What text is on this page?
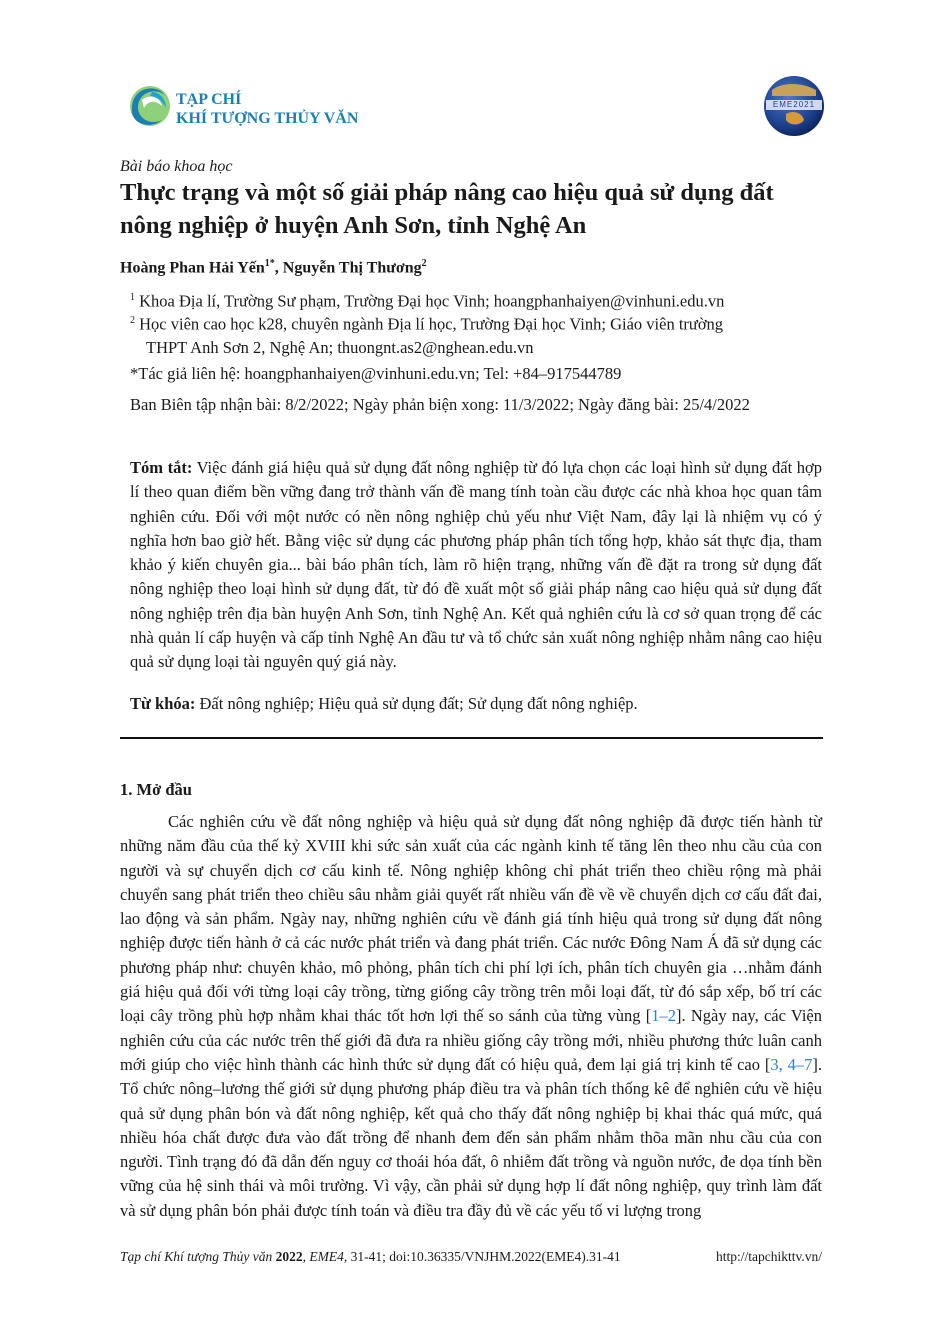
TẠP CHÍ
KHÍ TƯỢNG THỦY VĂN
EME2021
Bài báo khoa học
Thực trạng và một số giải pháp nâng cao hiệu quả sử dụng đất nông nghiệp ở huyện Anh Sơn, tỉnh Nghệ An
Hoàng Phan Hải Yến$^{1*}$, Nguyễn Thị Thương$^2$
$^1$ Khoa Địa lí, Trường Sư phạm, Trường Đại học Vinh; hoangphanhaiyen@vinhuni.edu.vn
$^2$ Học viên cao học k28, chuyên ngành Địa lí học, Trường Đại học Vinh; Giáo viên trường
THPT Anh Sơn 2, Nghệ An; thuongnt.as2@nghean.edu.vn
*Tác giả liên hệ: hoangphanhaiyen@vinhuni.edu.vn; Tel: +84–917544789
Ban Biên tập nhận bài: 8/2/2022; Ngày phản biện xong: 11/3/2022; Ngày đăng bài: 25/4/2022
Tóm tắt: Việc đánh giá hiệu quả sử dụng đất nông nghiệp từ đó lựa chọn các loại hình sử dụng đất hợp lí theo quan điểm bền vững đang trở thành vấn đề mang tính toàn cầu được các nhà khoa học quan tâm nghiên cứu. Đối với một nước có nền nông nghiệp chủ yếu như Việt Nam, đây lại là nhiệm vụ có ý nghĩa hơn bao giờ hết. Bằng việc sử dụng các phương pháp phân tích tổng hợp, khảo sát thực địa, tham khảo ý kiến chuyên gia... bài báo phân tích, làm rõ hiện trạng, những vấn đề đặt ra trong sử dụng đất nông nghiệp theo loại hình sử dụng đất, từ đó đề xuất một số giải pháp nâng cao hiệu quả sử dụng đất nông nghiệp trên địa bàn huyện Anh Sơn, tỉnh Nghệ An. Kết quả nghiên cứu là cơ sở quan trọng để các nhà quản lí cấp huyện và cấp tỉnh Nghệ An đầu tư và tổ chức sản xuất nông nghiệp nhằm nâng cao hiệu quả sử dụng loại tài nguyên quý giá này.
Từ khóa: Đất nông nghiệp; Hiệu quả sử dụng đất; Sử dụng đất nông nghiệp.
1. Mở đầu
Các nghiên cứu về đất nông nghiệp và hiệu quả sử dụng đất nông nghiệp đã được tiến hành từ những năm đầu của thế kỷ XVIII khi sức sản xuất của các ngành kinh tế tăng lên theo nhu cầu của con người và sự chuyển dịch cơ cấu kinh tế. Nông nghiệp không chỉ phát triển theo chiều rộng mà phải chuyển sang phát triển theo chiều sâu nhằm giải quyết rất nhiều vấn đề về về chuyển dịch cơ cấu đất đai, lao động và sản phẩm. Ngày nay, những nghiên cứu về đánh giá tính hiệu quả trong sử dụng đất nông nghiệp được tiến hành ở cả các nước phát triển và đang phát triển. Các nước Đông Nam Á đã sử dụng các phương pháp như: chuyên khảo, mô phỏng, phân tích chi phí lợi ích, phân tích chuyên gia …nhằm đánh giá hiệu quả đối với từng loại cây trồng, từng giống cây trồng trên mỗi loại đất, từ đó sắp xếp, bố trí các loại cây trồng phù hợp nhằm khai thác tốt hơn lợi thế so sánh của từng vùng [1–2]. Ngày nay, các Viện nghiên cứu của các nước trên thế giới đã đưa ra nhiều giống cây trồng mới, nhiều phương thức luân canh mới giúp cho việc hình thành các hình thức sử dụng đất có hiệu quả, đem lại giá trị kinh tế cao [3, 4–7]. Tổ chức nông–lương thế giới sử dụng phương pháp điều tra và phân tích thống kê để nghiên cứu về hiệu quả sử dụng phân bón và đất nông nghiệp, kết quả cho thấy đất nông nghiệp bị khai thác quá mức, quá nhiều hóa chất được đưa vào đất trồng để nhanh đem đến sản phẩm nhằm thõa mãn nhu cầu của con người. Tình trạng đó đã dẫn đến nguy cơ thoái hóa đất, ô nhiễm đất trồng và nguồn nước, đe dọa tính bền vững của hệ sinh thái và môi trường. Vì vậy, cần phải sử dụng hợp lí đất nông nghiệp, quy trình làm đất và sử dụng phân bón phải được tính toán và điều tra đầy đủ về các yếu tố vi lượng trong
Tạp chí Khí tượng Thủy văn 2022, EME4, 31-41; doi:10.36335/VNJHM.2022(EME4).31-41	http://tapchikttv.vn/
